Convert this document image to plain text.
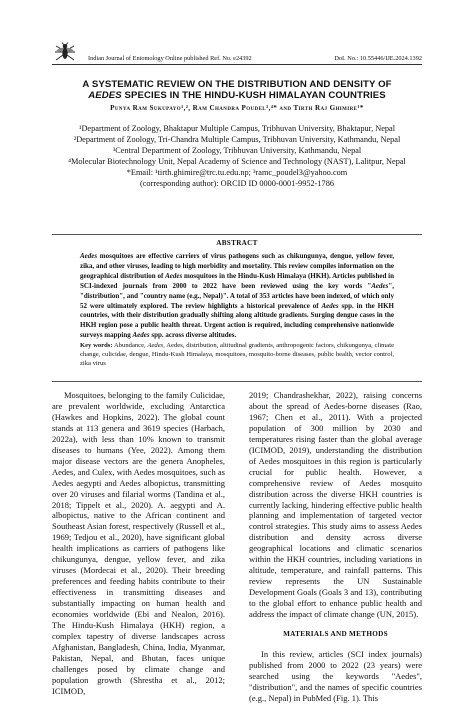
Indian Journal of Entomology Online published Ref. No. e24392	DoI. No.: 10.55446/IJE.2024.1392
A SYSTEMATIC REVIEW ON THE DISTRIBUTION AND DENSITY OF
AEDES SPECIES IN THE HINDU-KUSH HIMALAYAN COUNTRIES
Punya Ram Sukupayo¹,², Ram Chandra Poudel³,⁴* and Tirth Raj Ghimire¹*
¹Department of Zoology, Bhaktapur Multiple Campus, Tribhuvan University, Bhaktapur, Nepal
²Department of Zoology, Tri-Chandra Multiple Campus, Tribhuvan University, Kathmandu, Nepal
³Central Department of Zoology, Tribhuvan University, Kathmandu, Nepal
⁴Molecular Biotechnology Unit, Nepal Academy of Science and Technology (NAST), Lalitpur, Nepal
*Email: ¹tirth.ghimire@trc.tu.edu.np; ³ramc_poudel3@yahoo.com
(corresponding author): ORCID ID 0000-0001-9952-1786
ABSTRACT
Aedes mosquitoes are effective carriers of virus pathogens such as chikungunya, dengue, yellow fever, zika, and other viruses, leading to high morbidity and mortality. This review compiles information on the geographical distribution of Aedes mosquitoes in the Hindu-Kush Himalaya (HKH). Articles published in SCI-indexed journals from 2000 to 2022 have been reviewed using the key words "Aedes", "distribution", and "country name (e.g., Nepal)". A total of 353 articles have been indexed, of which only 52 were ultimately explored. The review highlights a historical prevalence of Aedes spp. in the HKH countries, with their distribution gradually shifting along altitude gradients. Surging dengue cases in the HKH region pose a public health threat. Urgent action is required, including comprehensive nationwide surveys mapping Aedes spp. across diverse altitudes.
Key words: Abundance, Aedes, Aedes, distribution, altitudinal gradients, anthropogenic factors, chikungunya, climate change, culicidae, dengue, Hindu-Kush Himalaya, mosquitoes, mosquito-borne diseases, public health, vector control, zika virus
Mosquitoes, belonging to the family Culicidae, are prevalent worldwide, excluding Antarctica (Hawkes and Hopkins, 2022). The global count stands at 113 genera and 3619 species (Harbach, 2022a), with less than 10% known to transmit diseases to humans (Yee, 2022). Among them major disease vectors are the genera Anopheles, Aedes, and Culex, with Aedes mosquitoes, such as Aedes aegypti and Aedes albopictus, transmitting over 20 viruses and filarial worms (Tandina et al., 2018; Tippelt et al., 2020). A. aegypti and A. albopictus, native to the African continent and Southeast Asian forest, respectively (Russell et al., 1969; Tedjou et al., 2020), have significant global health implications as carriers of pathogens like chikungunya, dengue, yellow fever, and zika viruses (Mordecai et al., 2020). Their breeding preferences and feeding habits contribute to their effectiveness in transmitting diseases and substantially impacting on human health and economies worldwide (Ebi and Nealon, 2016). The Hindu-Kush Himalaya (HKH) region, a complex tapestry of diverse landscapes across Afghanistan, Bangladesh, China, India, Myanmar, Pakistan, Nepal, and Bhutan, faces unique challenges posed by climate change and population growth (Shrestha et al., 2012; ICIMOD,

2019; Chandrashekhar, 2022), raising concerns about the spread of Aedes-borne diseases (Rao, 1967; Chen et al., 2011). With a projected population of 300 million by 2030 and temperatures rising faster than the global average (ICIMOD, 2019), understanding the distribution of Aedes mosquitoes in this region is particularly crucial for public health. However, a comprehensive review of Aedes mosquito distribution across the diverse HKH countries is currently lacking, hindering effective public health planning and implementation of targeted vector control strategies. This study aims to assess Aedes distribution and density across diverse geographical locations and climatic scenarios within the HKH countries, including variations in altitude, temperature, and rainfall patterns. This review represents the UN Sustainable Development Goals (Goals 3 and 13), contributing to the global effort to enhance public health and address the impact of climate change (UN, 2015).

MATERIALS AND METHODS

In this review, articles (SCI index journals) published from 2000 to 2022 (23 years) were searched using the keywords "Aedes", "distribution", and the names of specific countries (e.g., Nepal) in PubMed (Fig. 1). This
